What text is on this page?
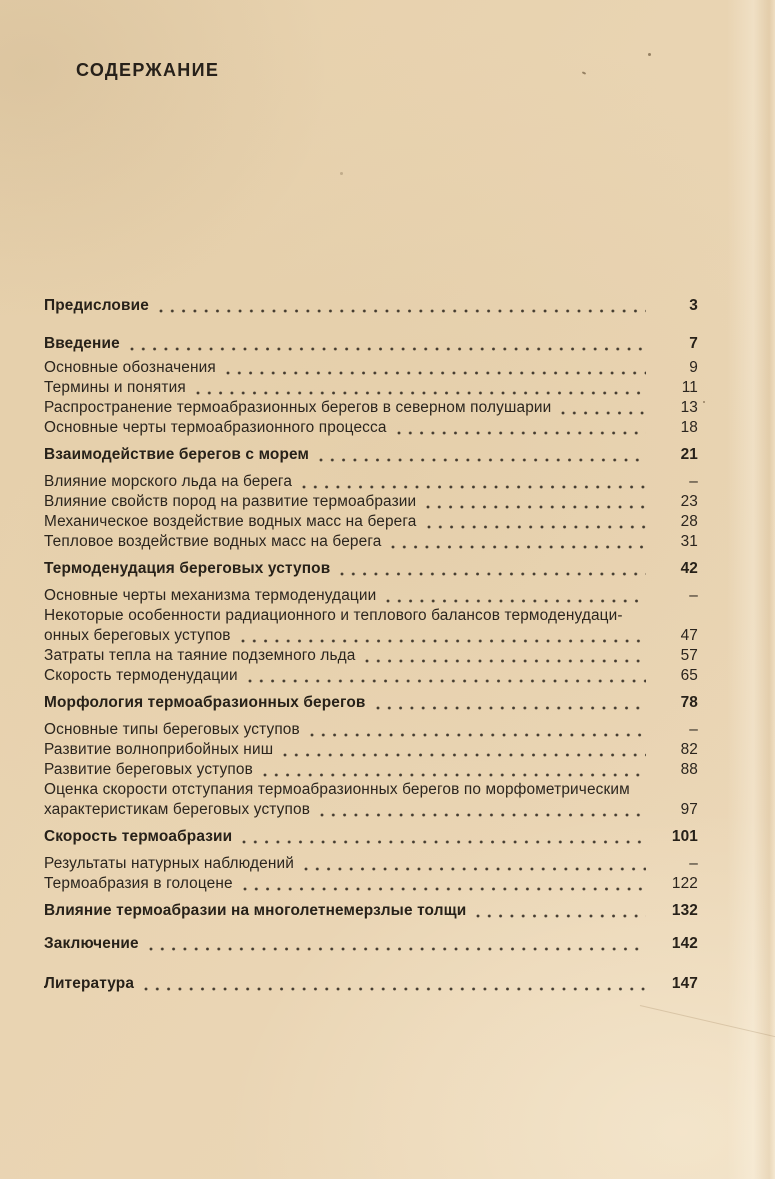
СОДЕРЖАНИЕ
Предисловие	3
Введение	7
Основные обозначения	9
Термины и понятия	11
Распространение термоабразионных берегов в северном полушарии	13
Основные черты термоабразионного процесса	18
Взаимодействие берегов с морем	21
Влияние морского льда на берега	–
Влияние свойств пород на развитие термоабразии	23
Механическое воздействие водных масс на берега	28
Тепловое воздействие водных масс на берега	31
Термоденудация береговых уступов	42
Основные черты механизма термоденудации	–
Некоторые особенности радиационного и теплового балансов термоденудаци-
онных береговых уступов	47
Затраты тепла на таяние подземного льда	57
Скорость термоденудации	65
Морфология термоабразионных берегов	78
Основные типы береговых уступов	–
Развитие волноприбойных ниш	82
Развитие береговых уступов	88
Оценка скорости отступания термоабразионных берегов по морфометрическим
характеристикам береговых уступов	97
Скорость термоабразии	101
Результаты натурных наблюдений	–
Термоабразия в голоцене	122
Влияние термоабразии на многолетнемерзлые толщи	132
Заключение	142
Литература	147
